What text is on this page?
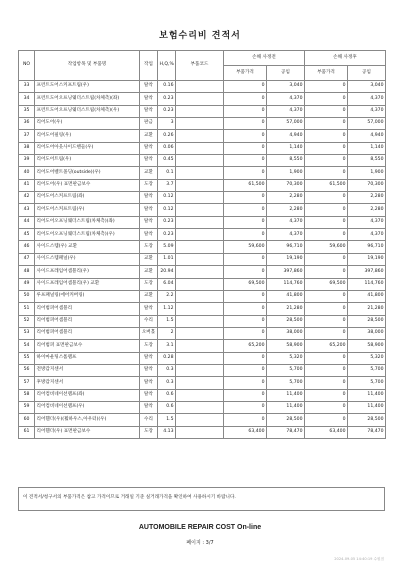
보험수리비 견적서
NO	작업항목 및 부품명	작업	H,Q,%	부품코드	손해 사정전		손해 사정후	
					부품가격	공임	부품가격	공임
33	프런트도어스커프트림(우)	탈착	0.16		0	3,040	0	3,040
34	프런트도어오프닝웨더스트립(차체측)(좌)	탈착	0.23		0	4,370	0	4,370
35	프런트도어오프닝웨더스트립(차체측)(우)	탈착	0.23		0	4,370	0	4,370
36	리어도어(우)	판금	3		0	57,000	0	57,000
37	리어도어필링(우)	교환	0.26		0	4,940	0	4,940
38	리어도어아웃사이드핸들(우)	탈착	0.06		0	1,140	0	1,140
39	리어도어트림(우)	탈착	0.45		0	8,550	0	8,550
40	리어도어벨트몰딩(outside)(우)	교환	0.1		0	1,900	0	1,900
41	리어도어(우) 표면판금보수	도장	3.7		61,500	70,300	61,500	70,300
42	리어도어스커프트림(좌)	탈착	0.12		0	2,280	0	2,280
43	리어도어스커프트림(우)	탈착	0.12		0	2,280	0	2,280
44	리어도어오프닝웨더스트립(차체측)(좌)	탈착	0.23		0	4,370	0	4,370
45	리어도어오프닝웨더스트립(차체측)(우)	탈착	0.23		0	4,370	0	4,370
46	사이드스텝(우) 교환	도장	5.09		59,600	96,710	59,600	96,710
47	사이드스텝패널(우)	교환	1.01		0	19,190	0	19,190
48	사이드프레임어셈블리(우)	교환	20.94		0	397,860	0	397,860
49	사이드프레임어셈블리(우) 교환	도장	6.04		69,500	114,760	69,500	114,760
50	루프패널링(에어커버링)	교환	2.2		0	41,800	0	41,800
51	리어범퍼어셈블리	탈착	1.12		0	21,280	0	21,280
52	리어범퍼어셈블리	수리	1.5		0	28,500	0	28,500
53	리어범퍼어셈블리	오버홀	2		0	38,000	0	38,000
54	리어범퍼 표면판금보수	도장	3.1		65,200	58,900	65,200	58,900
55	하이마운팅스톱램프	탈착	0.28		0	5,320	0	5,320
56	전방감지센서	탈착	0.3		0	5,700	0	5,700
57	후방감지센서	탈착	0.3		0	5,700	0	5,700
58	리어컴비네이션램프(좌)	탈착	0.6		0	11,400	0	11,400
59	리어컴비네이션램프(우)	탈착	0.6		0	11,400	0	11,400
60	리어휀더(우)(휠하우스,아우터)(우)	수리	1.5		0	28,500	0	28,500
61	리어휀더(우) 표면판금보수	도장	4.13		63,400	78,470	63,400	78,470
이 견적서/청구서의 부품가격은 참고 가격이므로 거래일 기준 실거래가격을 확인하여 사용하시기 바랍니다.
AUTOMOBILE REPAIR COST On-line
페이지 : 3/7
2024-09-05 14:40:19 수원점
